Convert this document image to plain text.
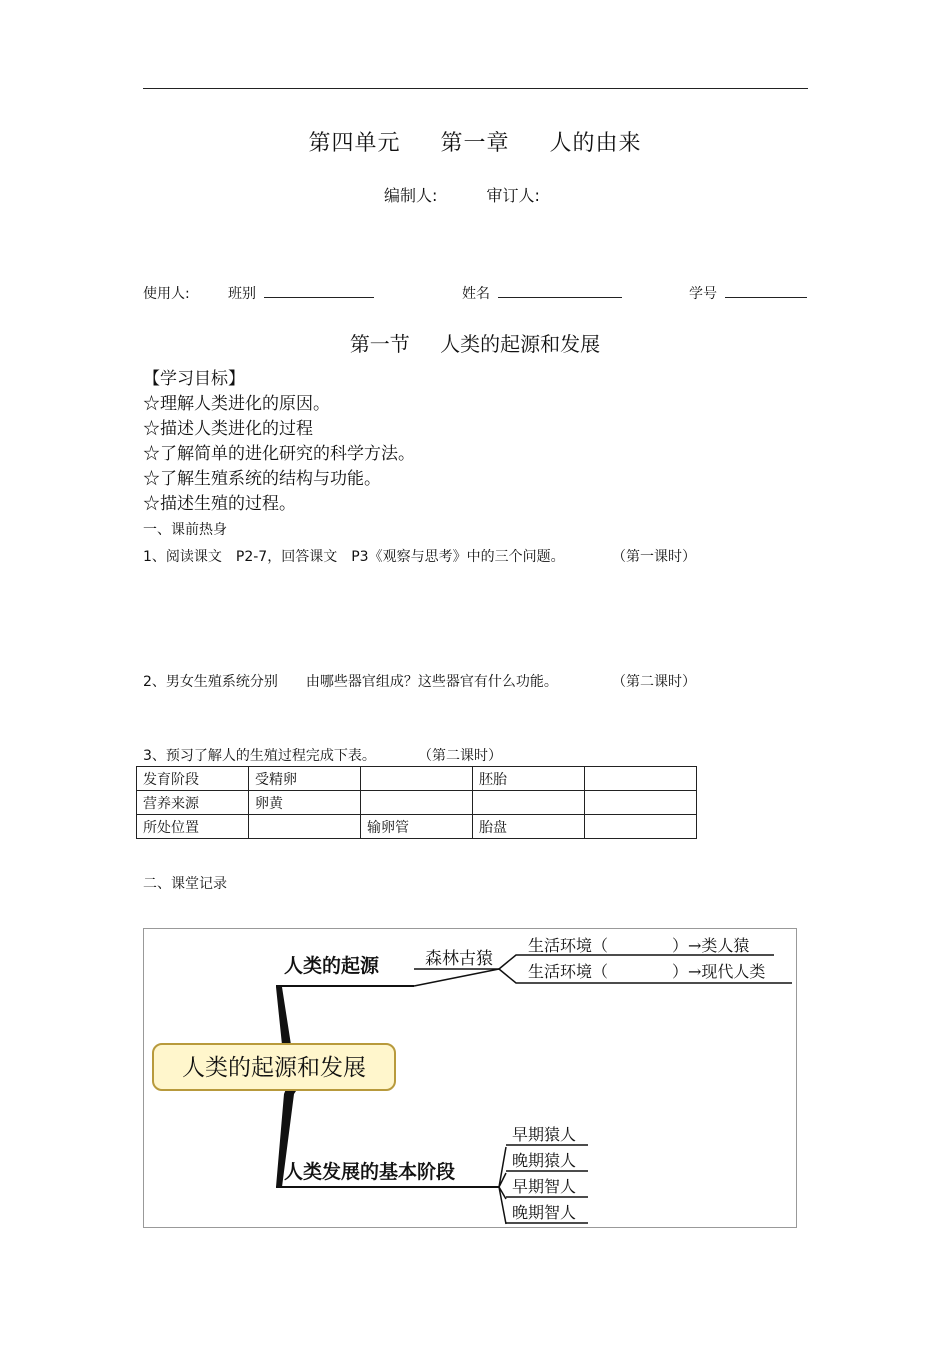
第四单元 第一章 人的由来
编制人:	审订人:
使用人:	班别	姓名	学号
第一节 人类的起源和发展
【学习目标】
☆理解人类进化的原因。
☆描述人类进化的过程
☆了解简单的进化研究的科学方法。
☆了解生殖系统的结构与功能。
☆描述生殖的过程。
一、课前热身
1、阅读课文　P2-7，回答课文　P3《观察与思考》中的三个问题。	（第一课时）
2、男女生殖系统分别　　由哪些器官组成？这些器官有什么功能。	（第二课时）
3、预习了解人的生殖过程完成下表。	（第二课时）
发育阶段	受精卵		胚胎	
营养来源	卵黄			
所处位置		输卵管	胎盘	
二、课堂记录
人类的起源和发展
人类的起源	森林古猿
生活环境（　　　　）→类人猿
生活环境（　　　　）→现代人类
人类发展的基本阶段
早期猿人
晚期猿人
早期智人
晚期智人
